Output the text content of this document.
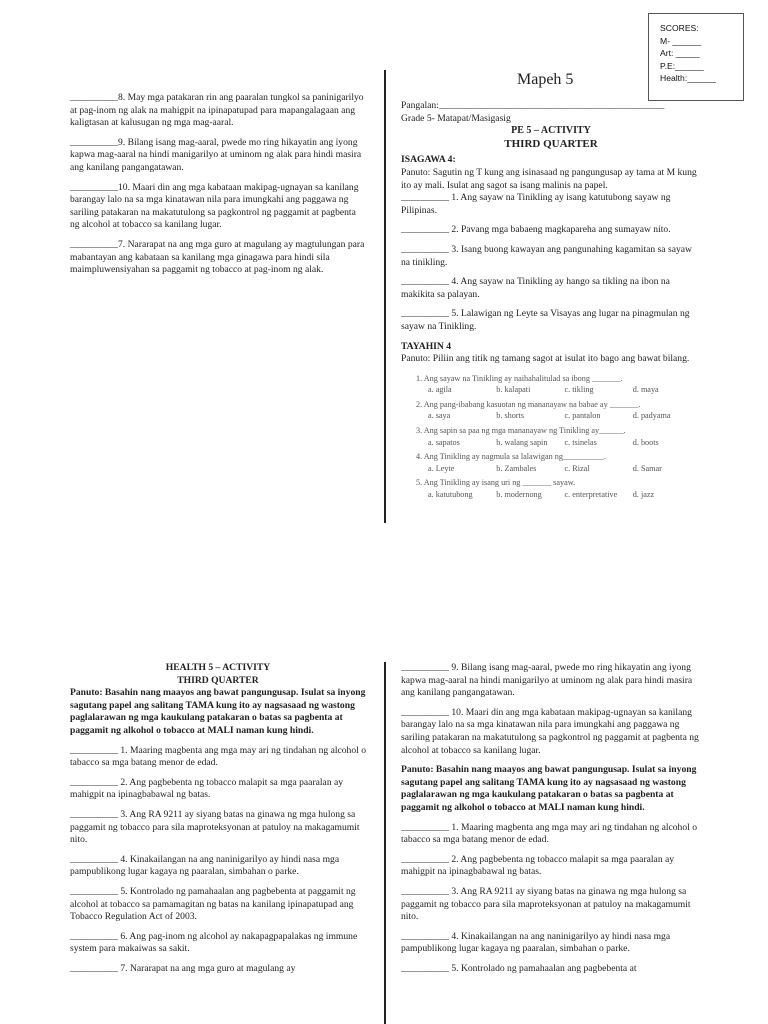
SCORES:
M- ______
Art: _____
P.E:______
Health:______

__________8. May mga patakaran rin ang paaralan tungkol sa paninigarilyo at pag-inom ng alak na mahigpit na ipinapatupad para mapangalagaan ang kaligtasan at kalusugan ng mga mag-aaral.

__________9. Bilang isang mag-aaral, pwede mo ring hikayatin ang iyong kapwa mag-aaral na hindi manigarilyo at uminom ng alak para hindi masira ang kanilang pangangatawan.

__________10. Maari din ang mga kabataan makipag-ugnayan sa kanilang barangay lalo na sa mga kinatawan nila para imungkahi ang paggawa ng sariling patakaran na makatutulong sa pagkontrol ng paggamit at pagbenta ng alcohol at tobacco sa kanilang lugar.

__________7. Nararapat na ang mga guro at magulang ay magtulungan para mabantayan ang kabataan sa kanilang mga ginagawa para hindi sila maimpluwensiyahan sa paggamit ng tobacco at pag-inom ng alak.

Mapeh 5
Pangalan:_______________________________________________
Grade 5- Matapat/Masigasig
PE 5 – ACTIVITY
THIRD QUARTER
ISAGAWA 4:

Panuto: Sagutin ng T kung ang isinasaad ng pangungusap ay tama at M kung ito ay mali. Isulat ang sagot sa isang malinis na papel.

__________ 1. Ang sayaw na Tinikling ay isang katutubong sayaw ng Pilipinas.

__________ 2. Pavang mga babaeng magkapareha ang sumayaw nito.

__________ 3. Isang buong kawayan ang pangunahing kagamitan sa sayaw na tinikling.

__________ 4. Ang sayaw na Tinikling ay hango sa tikling na ibon na makikita sa palayan.

__________ 5. Lalawigan ng Leyte sa Visayas ang lugar na pinagmulan ng sayaw na Tinikling.

TAYAHIN 4

Panuto: Piliin ang titik ng tamang sagot at isulat ito bago ang bawat bilang.

1. Ang sayaw na Tinikling ay naihahalitulad sa ibong _______.
a. agila	b. kalapati	c. tikling	d. maya
2. Ang pang-ibabang kasuotan ng mananayaw na babae ay _______.
a. saya	b. shorts	c. pantalon	d. padyama
3. Ang sapin sa paa ng mga mananayaw ng Tinikling ay______.
a. sapatos	b. walang sapin	c. tsinelas	d. boots
4. Ang Tinikling ay nagmula sa lalawigan ng__________.
a. Leyte	b. Zambales	c. Rizal	d. Samar
5. Ang Tinikling ay isang uri ng _______ sayaw.
a. katutubong	b. modernong	c. enterpretative	d. jazz
HEALTH 5 – ACTIVITY
THIRD QUARTER

Panuto: Basahin nang maayos ang bawat pangungusap. Isulat sa inyong sagutang papel ang salitang TAMA kung ito ay nagsasaad ng wastong paglalarawan ng mga kaukulang patakaran o batas sa pagbenta at paggamit ng alkohol o tobacco at MALI naman kung hindi.

__________ 1. Maaring magbenta ang mga may ari ng tindahan ng alcohol o tabacco sa mga batang menor de edad.

__________ 2. Ang pagbebenta ng tobacco malapit sa mga paaralan ay mahigpit na ipinagbabawal ng batas.

__________ 3. Ang RA 9211 ay siyang batas na ginawa ng mga hulong sa paggamit ng tobacco para sila maproteksyonan at patuloy na makagamumit nito.

__________ 4. Kinakailangan na ang naninigarilyo ay hindi nasa mga pampublikong lugar kagaya ng paaralan, simbahan o parke.

__________ 5. Kontrolado ng pamahaalan ang pagbebenta at paggamit ng alcohol at tobacco sa pamamagitan ng batas na kanilang ipinapatupad ang Tobacco Regulation Act of 2003.

__________ 6. Ang pag-inom ng alcohol ay nakapagpapalakas ng immune system para makaiwas sa sakit.

__________ 7. Nararapat na ang mga guro at magulang ay

__________ 9. Bilang isang mag-aaral, pwede mo ring hikayatin ang iyong kapwa mag-aaral na hindi manigarilyo at uminom ng alak para hindi masira ang kanilang pangangatawan.

__________ 10. Maari din ang mga kabataan makipag-ugnayan sa kanilang barangay lalo na sa mga kinatawan nila para imungkahi ang paggawa ng sariling patakaran na makatutulong sa pagkontrol ng paggamit at pagbenta ng alcohol at tobacco sa kanilang lugar.

Panuto: Basahin nang maayos ang bawat pangungusap. Isulat sa inyong sagutang papel ang salitang TAMA kung ito ay nagsasaad ng wastong paglalarawan ng mga kaukulang patakaran o batas sa pagbenta at paggamit ng alkohol o tobacco at MALI naman kung hindi.

__________ 1. Maaring magbenta ang mga may ari ng tindahan ng alcohol o tabacco sa mga batang menor de edad.

__________ 2. Ang pagbebenta ng tobacco malapit sa mga paaralan ay mahigpit na ipinagbabawal ng batas.

__________ 3. Ang RA 9211 ay siyang batas na ginawa ng mga hulong sa paggamit ng tobacco para sila maproteksyonan at patuloy na makagamumit nito.

__________ 4. Kinakailangan na ang naninigarilyo ay hindi nasa mga pampublikong lugar kagaya ng paaralan, simbahan o parke.

__________ 5. Kontrolado ng pamahaalan ang pagbebenta at
